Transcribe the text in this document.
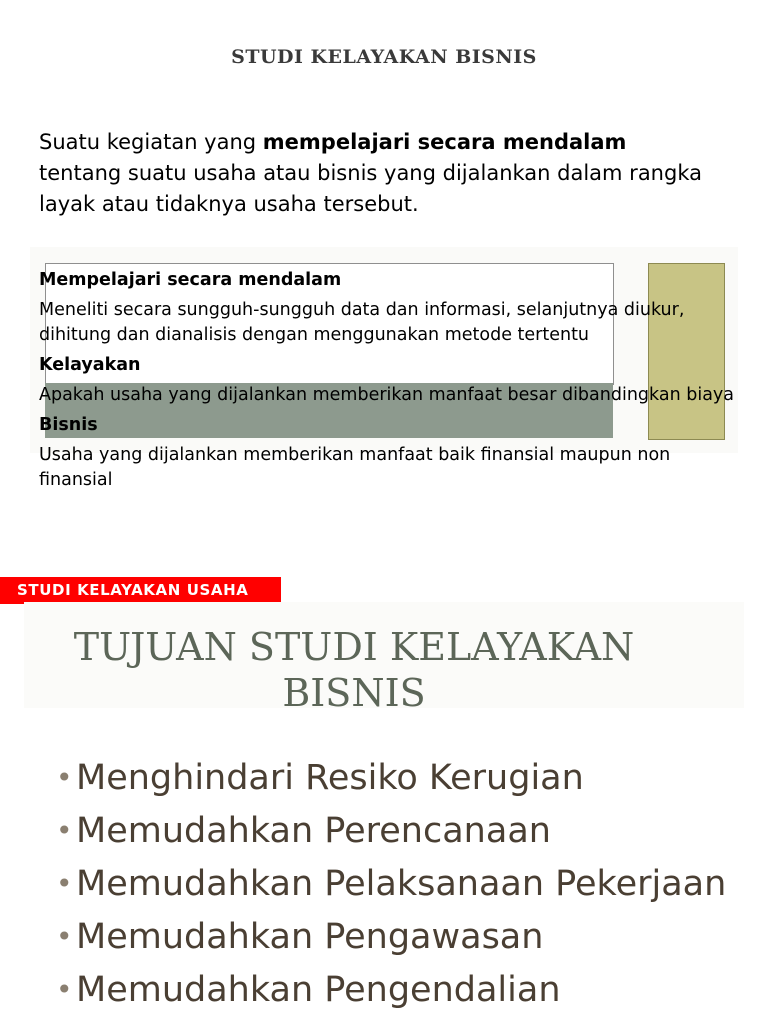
STUDI KELAYAKAN BISNIS
Suatu kegiatan yang mempelajari secara mendalam
tentang suatu usaha atau bisnis yang dijalankan dalam rangka layak atau tidaknya usaha tersebut.

Mempelajari secara mendalam

Meneliti secara sungguh-sungguh data dan informasi, selanjutnya diukur, dihitung dan dianalisis dengan menggunakan metode tertentu

Kelayakan

Apakah usaha yang dijalankan memberikan manfaat besar dibandingkan biaya

Bisnis

Usaha yang dijalankan memberikan manfaat baik finansial maupun non finansial

STUDI KELAYAKAN USAHA
TUJUAN STUDI KELAYAKAN BISNIS
• Menghindari Resiko Kerugian
• Memudahkan Perencanaan
• Memudahkan Pelaksanaan Pekerjaan
• Memudahkan Pengawasan
• Memudahkan Pengendalian
